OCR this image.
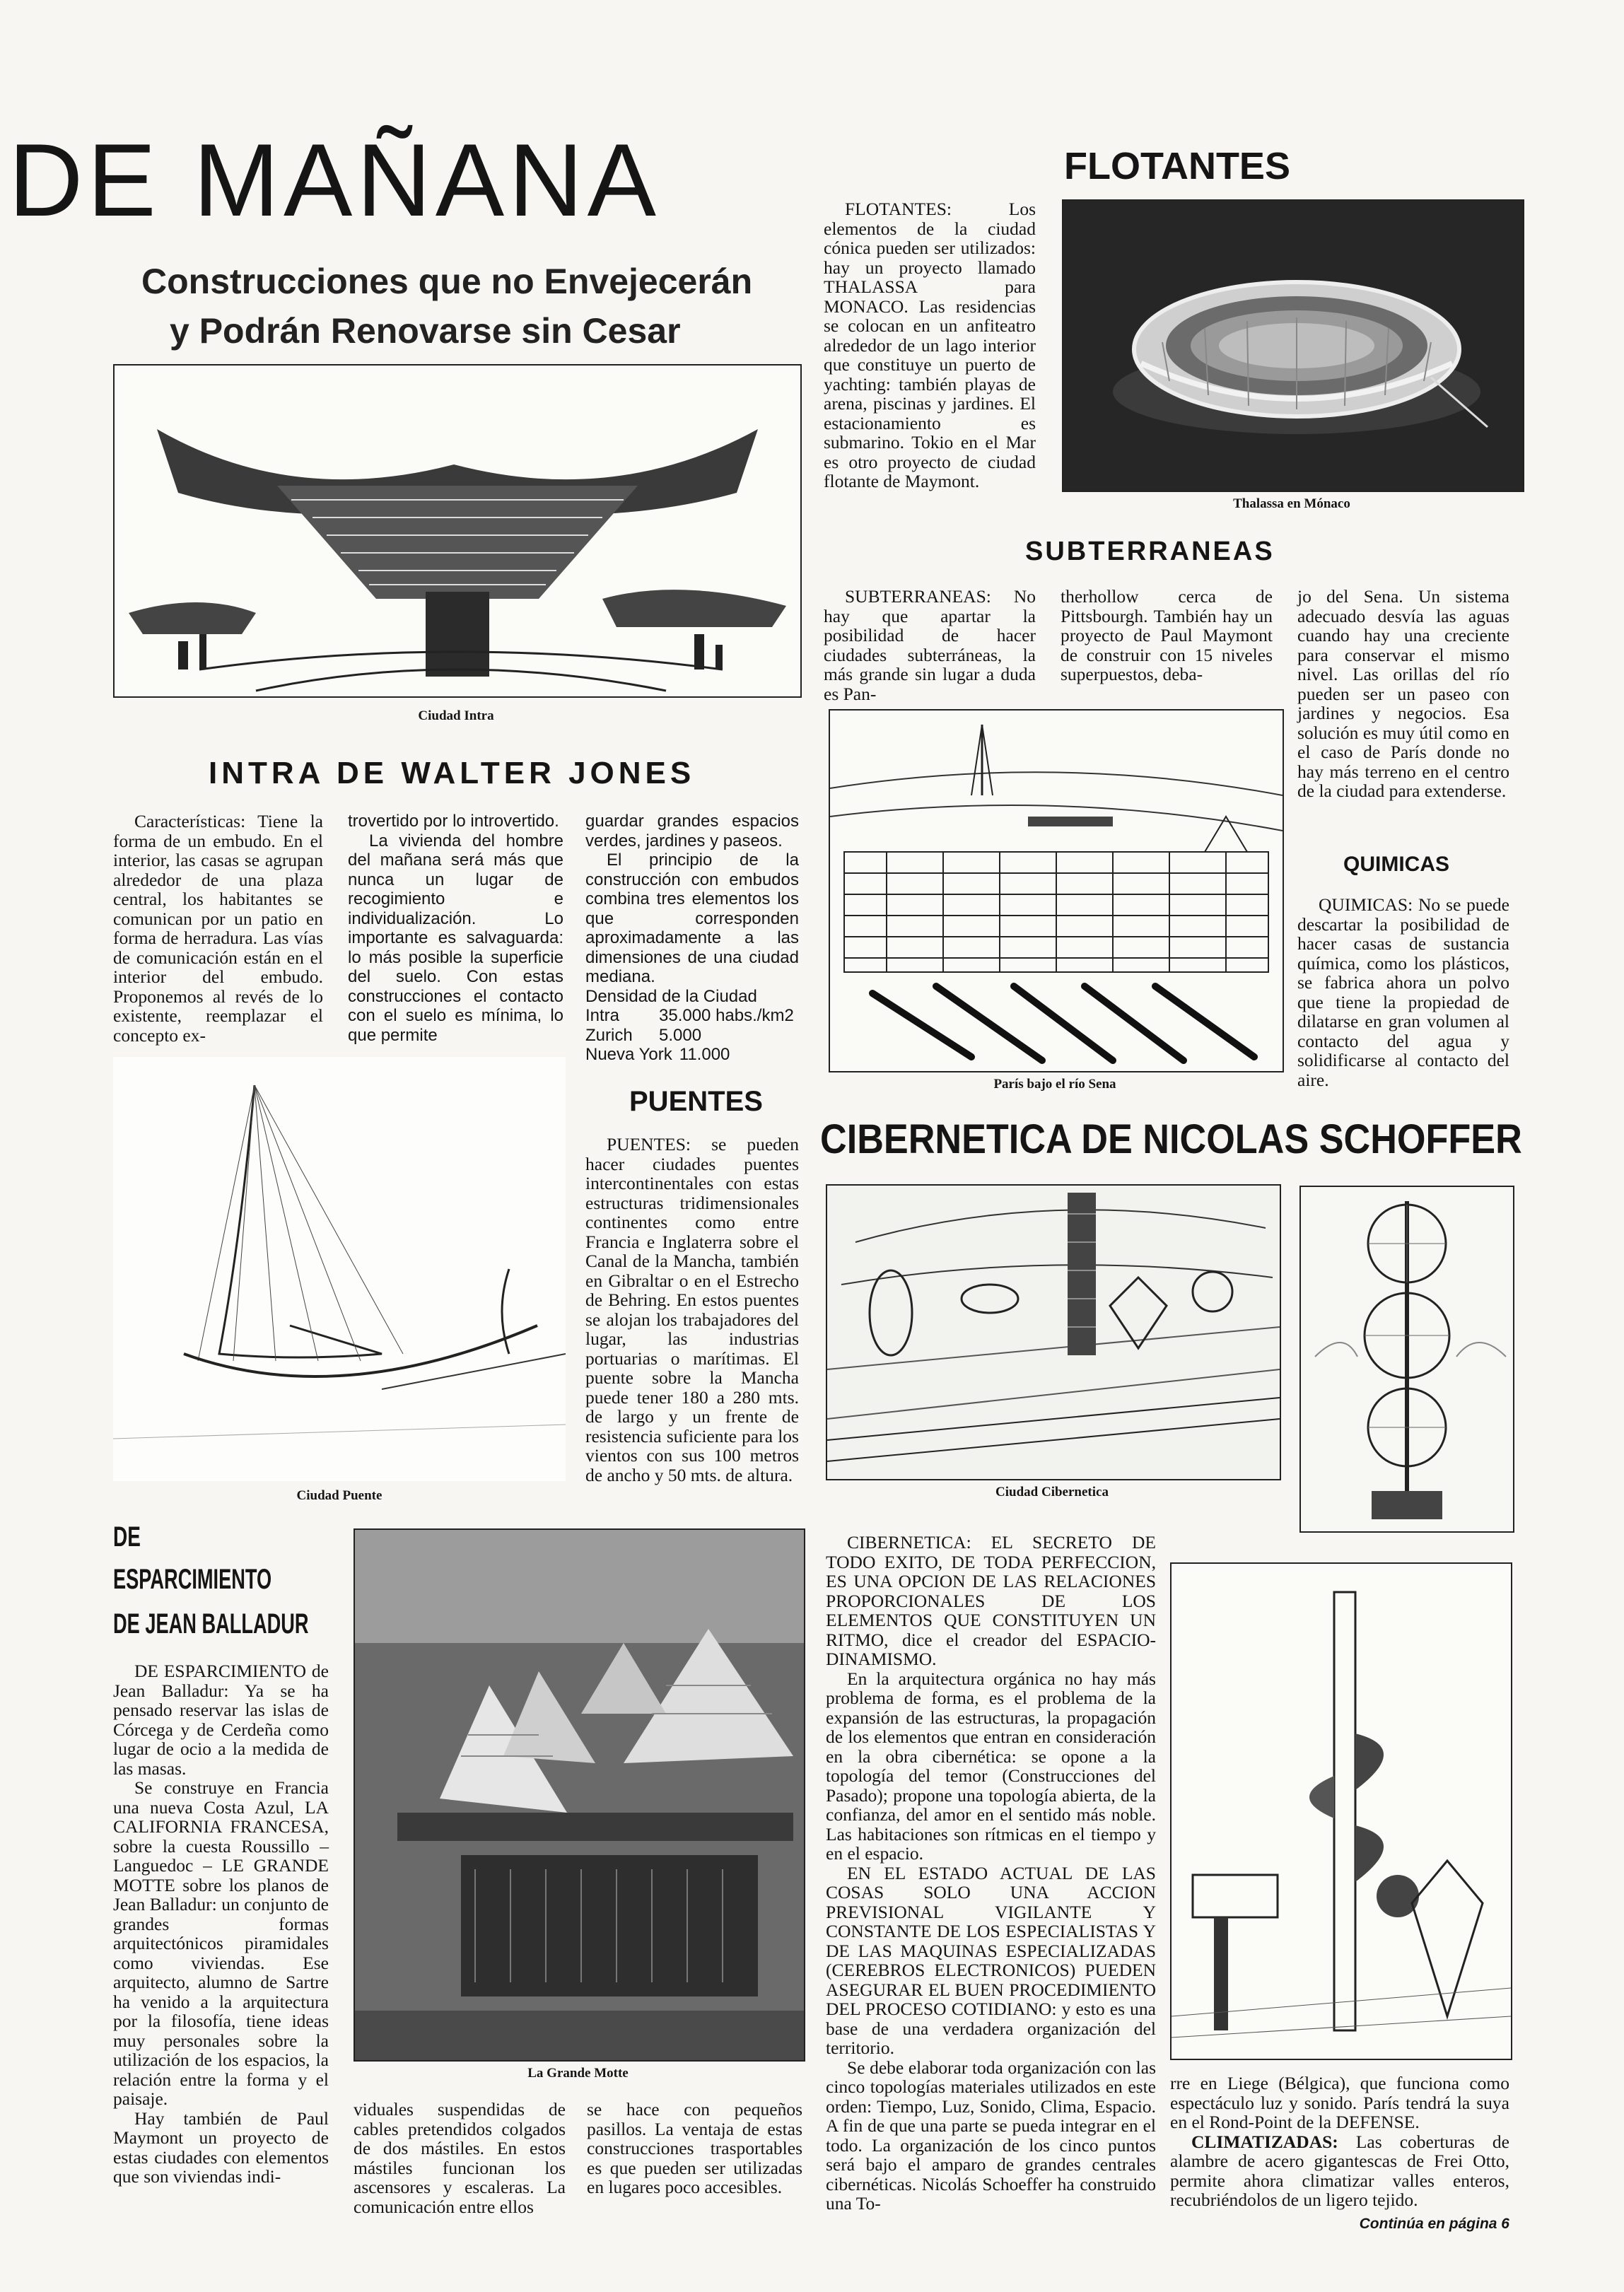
DE MAÑANA
Construcciones que no Envejecerán
y Podrán Renovarse sin Cesar
FLOTANTES

FLOTANTES: Los elementos de la ciudad cónica pueden ser utilizados: hay un proyecto llamado THALASSA para MONACO. Las residencias se colocan en un anfiteatro alrededor de un lago interior que constituye un puerto de yachting: también playas de arena, piscinas y jardines. El estacionamiento es submarino. Tokio en el Mar es otro proyecto de ciudad flotante de Maymont.

Thalassa en Mónaco
SUBTERRANEAS

SUBTERRANEAS: No hay que apartar la posibilidad de hacer ciudades subterráneas, la más grande sin lugar a duda es Pan-

therhollow cerca de Pittsbourgh. También hay un proyecto de Paul Maymont de construir con 15 niveles superpuestos, deba-

jo del Sena. Un sistema adecuado desvía las aguas cuando hay una creciente para conservar el mismo nivel. Las orillas del río pueden ser un paseo con jardines y negocios. Esa solución es muy útil como en el caso de París donde no hay más terreno en el centro de la ciudad para extenderse.

París bajo el río Sena
QUIMICAS

QUIMICAS: No se puede descartar la posibilidad de hacer casas de sustancia química, como los plásticos, se fabrica ahora un polvo que tiene la propiedad de dilatarse en gran volumen al contacto del agua y solidificarse al contacto del aire.

Ciudad Intra
INTRA DE WALTER JONES

Características: Tiene la forma de un embudo. En el interior, las casas se agrupan alrededor de una plaza central, los habitantes se comunican por un patio en forma de herradura. Las vías de comunicación están en el interior del embudo. Proponemos al revés de lo existente, reemplazar el concepto ex-

trovertido por lo introvertido.

La vivienda del hombre del mañana será más que nunca un lugar de recogimiento e individualización. Lo importante es salvaguarda: lo más posible la superficie del suelo. Con estas construcciones el contacto con el suelo es mínima, lo que permite

guardar grandes espacios verdes, jardines y paseos.

El principio de la construcción con embudos combina tres elementos los que corresponden aproximadamente a las dimensiones de una ciudad mediana.

Densidad de la Ciudad
Intra	35.000 habs./km2
Zurich	5.000
Nueva York 11.000
Ciudad Puente
PUENTES

PUENTES: se pueden hacer ciudades puentes intercontinentales con estas estructuras tridimensionales continentes como entre Francia e Inglaterra sobre el Canal de la Mancha, también en Gibraltar o en el Estrecho de Behring. En estos puentes se alojan los trabajadores del lugar, las industrias portuarias o marítimas. El puente sobre la Mancha puede tener 180 a 280 mts. de largo y un frente de resistencia suficiente para los vientos con sus 100 metros de ancho y 50 mts. de altura.

CIBERNETICA DE NICOLAS SCHOFFER
Ciudad Cibernetica

CIBERNETICA: EL SECRETO DE TODO EXITO, DE TODA PERFECCION, ES UNA OPCION DE LAS RELACIONES PROPORCIONALES DE LOS ELEMENTOS QUE CONSTITUYEN UN RITMO, dice el creador del ESPACIO-DINAMISMO.

En la arquitectura orgánica no hay más problema de forma, es el problema de la expansión de las estructuras, la propagación de los elementos que entran en consideración en la obra cibernética: se opone a la topología del temor (Construcciones del Pasado); propone una topología abierta, de la confianza, del amor en el sentido más noble. Las habitaciones son rítmicas en el tiempo y en el espacio.

EN EL ESTADO ACTUAL DE LAS COSAS SOLO UNA ACCION PREVISIONAL VIGILANTE Y CONSTANTE DE LOS ESPECIALISTAS Y DE LAS MAQUINAS ESPECIALIZADAS (CEREBROS ELECTRONICOS) PUEDEN ASEGURAR EL BUEN PROCEDIMIENTO DEL PROCESO COTIDIANO: y esto es una base de una verdadera organización del territorio.

Se debe elaborar toda organización con las cinco topologías materiales utilizados en este orden: Tiempo, Luz, Sonido, Clima, Espacio. A fin de que una parte se pueda integrar en el todo. La organización de los cinco puntos será bajo el amparo de grandes centrales cibernéticas. Nicolás Schoeffer ha construido una To-

rre en Liege (Bélgica), que funciona como espectáculo luz y sonido. París tendrá la suya en el Rond-Point de la DEFENSE.

CLIMATIZADAS: Las coberturas de alambre de acero gigantescas de Frei Otto, permite ahora climatizar valles enteros, recubriéndolos de un ligero tejido.

Continúa en página 6
DE
ESPARCIMIENTO
DE JEAN BALLADUR

DE ESPARCIMIENTO de Jean Balladur: Ya se ha pensado reservar las islas de Córcega y de Cerdeña como lugar de ocio a la medida de las masas.

Se construye en Francia una nueva Costa Azul, LA CALIFORNIA FRANCESA, sobre la cuesta Roussillo – Languedoc – LE GRANDE MOTTE sobre los planos de Jean Balladur: un conjunto de grandes formas arquitectónicos piramidales como viviendas. Ese arquitecto, alumno de Sartre ha venido a la arquitectura por la filosofía, tiene ideas muy personales sobre la utilización de los espacios, la relación entre la forma y el paisaje.

Hay también de Paul Maymont un proyecto de estas ciudades con elementos que son viviendas indi-

La Grande Motte

viduales suspendidas de cables pretendidos colgados de dos mástiles. En estos mástiles funcionan los ascensores y escaleras. La comunicación entre ellos

se hace con pequeños pasillos. La ventaja de estas construcciones trasportables es que pueden ser utilizadas en lugares poco accesibles.
